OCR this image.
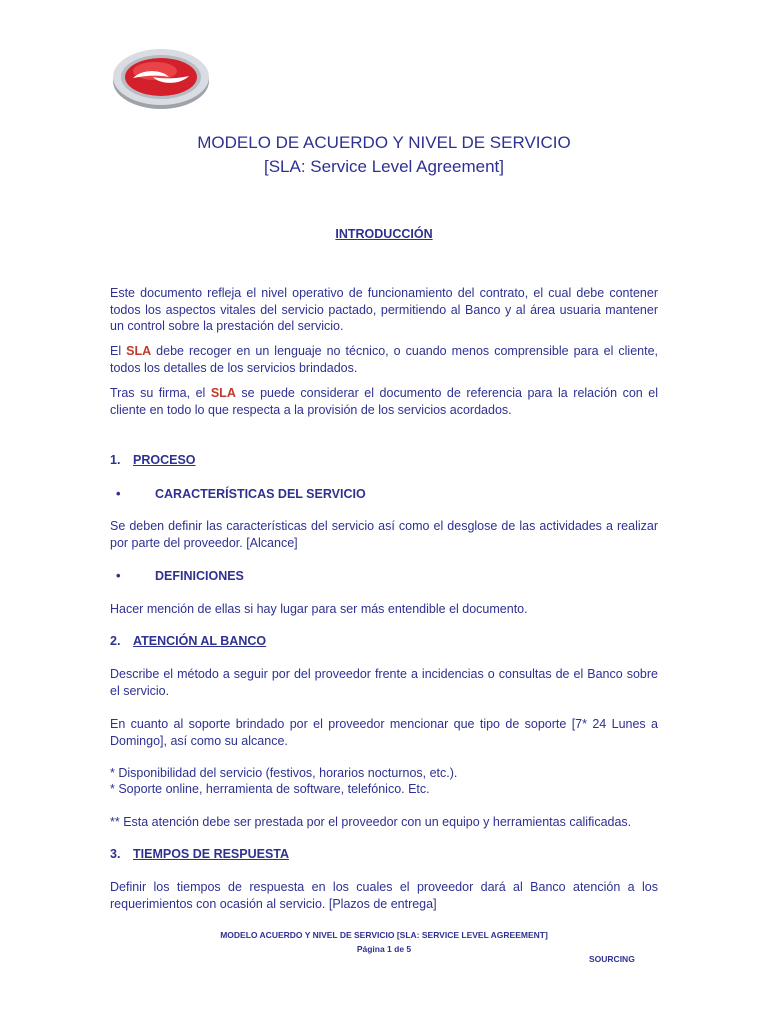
MODELO DE ACUERDO Y NIVEL DE SERVICIO
[SLA: Service Level Agreement]
INTRODUCCIÓN
Este documento refleja el nivel operativo de funcionamiento del contrato, el cual debe contener todos los aspectos vitales del servicio pactado, permitiendo al Banco y al área usuaria mantener un control sobre la prestación del servicio.
El SLA debe recoger en un lenguaje no técnico, o cuando menos comprensible para el cliente, todos los detalles de los servicios brindados.
Tras su firma, el SLA se puede considerar el documento de referencia para la relación con el cliente en todo lo que respecta a la provisión de los servicios acordados.
1. PROCESO
•	CARACTERÍSTICAS DEL SERVICIO
Se deben definir las características del servicio así como el desglose de las actividades a realizar por parte del proveedor. [Alcance]
•	DEFINICIONES
Hacer mención de ellas si hay lugar para ser más entendible el documento.
2. ATENCIÓN AL BANCO
Describe el método a seguir por del proveedor frente a incidencias o consultas de el Banco sobre el servicio.
En cuanto al soporte brindado por el proveedor mencionar que tipo de soporte [7* 24 Lunes a Domingo], así como su alcance.
* Disponibilidad del servicio (festivos, horarios nocturnos, etc.).
* Soporte online, herramienta de software, telefónico. Etc.
** Esta atención debe ser prestada por el proveedor con un equipo y herramientas calificadas.
3. TIEMPOS DE RESPUESTA
Definir los tiempos de respuesta en los cuales el proveedor dará al Banco atención a los requerimientos con ocasión al servicio. [Plazos de entrega]
MODELO ACUERDO Y NIVEL DE SERVICIO [SLA: SERVICE LEVEL AGREEMENT]
Página 1 de 5
SOURCING
